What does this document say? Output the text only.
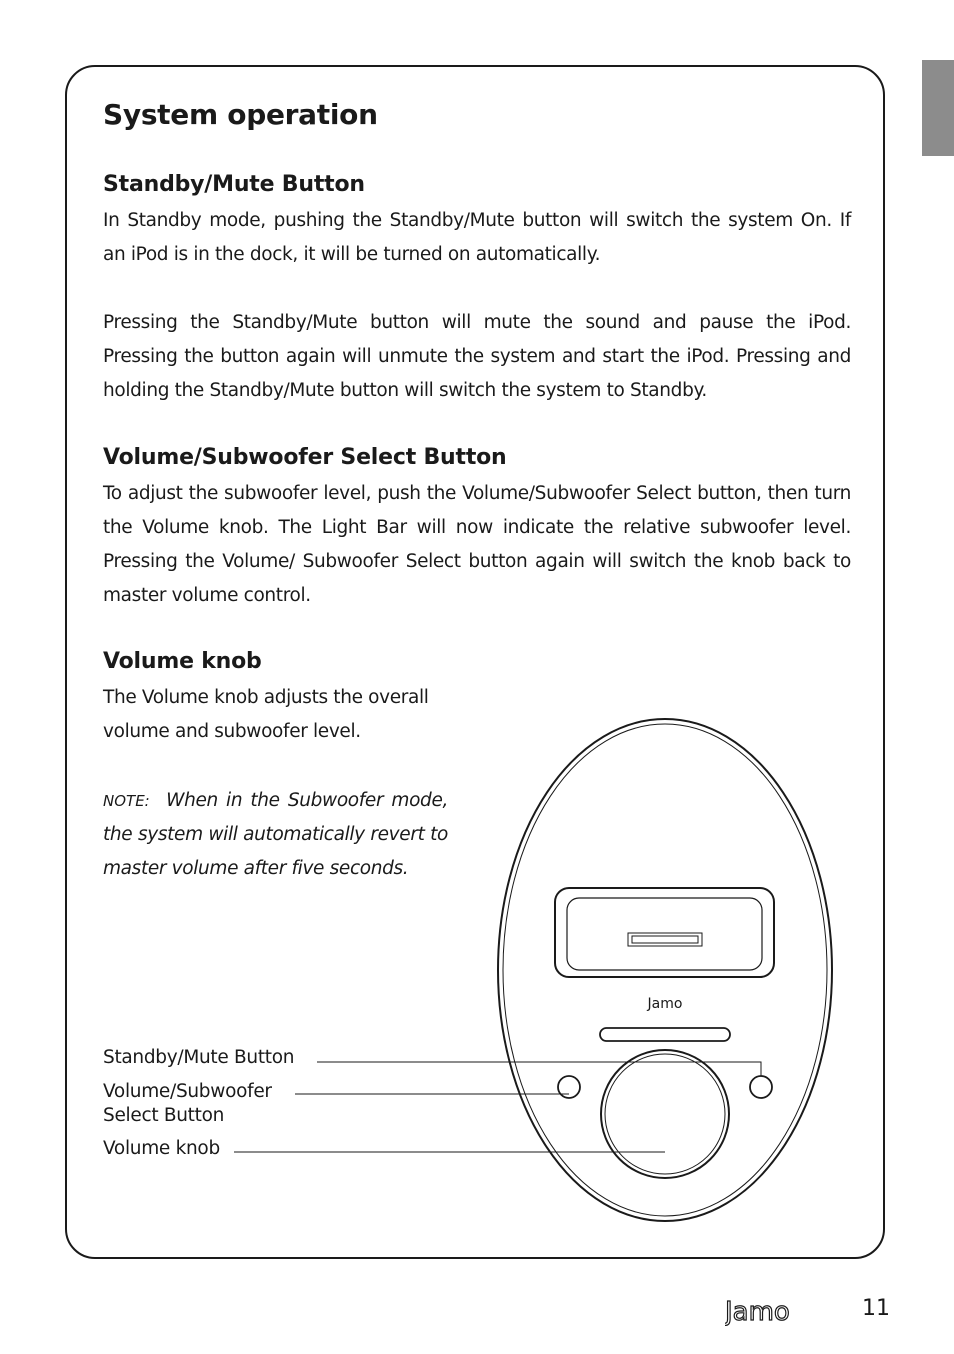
System operation
Standby/Mute Button

In Standby mode, pushing the Standby/Mute button will switch the system On. If an iPod is in the dock, it will be turned on automatically.

Pressing the Standby/Mute button will mute the sound and pause the iPod. Pressing the button again will unmute the system and start the iPod. Pressing and holding the Standby/Mute button will switch the system to Standby.

Volume/Subwoofer Select Button

To adjust the subwoofer level, push the Volume/Subwoofer Select button, then turn the Volume knob. The Light Bar will now indicate the relative subwoofer level. Pressing the Volume/ Subwoofer Select button again will switch the knob back to master volume control.

Volume knob

The Volume knob adjusts the overall volume and subwoofer level.

NOTE: When in the Subwoofer mode, the system will automatically revert to master volume after five seconds.

Jamo

Standby/Mute Button

Volume/Subwoofer
Select Button

Volume knob

Jamo	11
